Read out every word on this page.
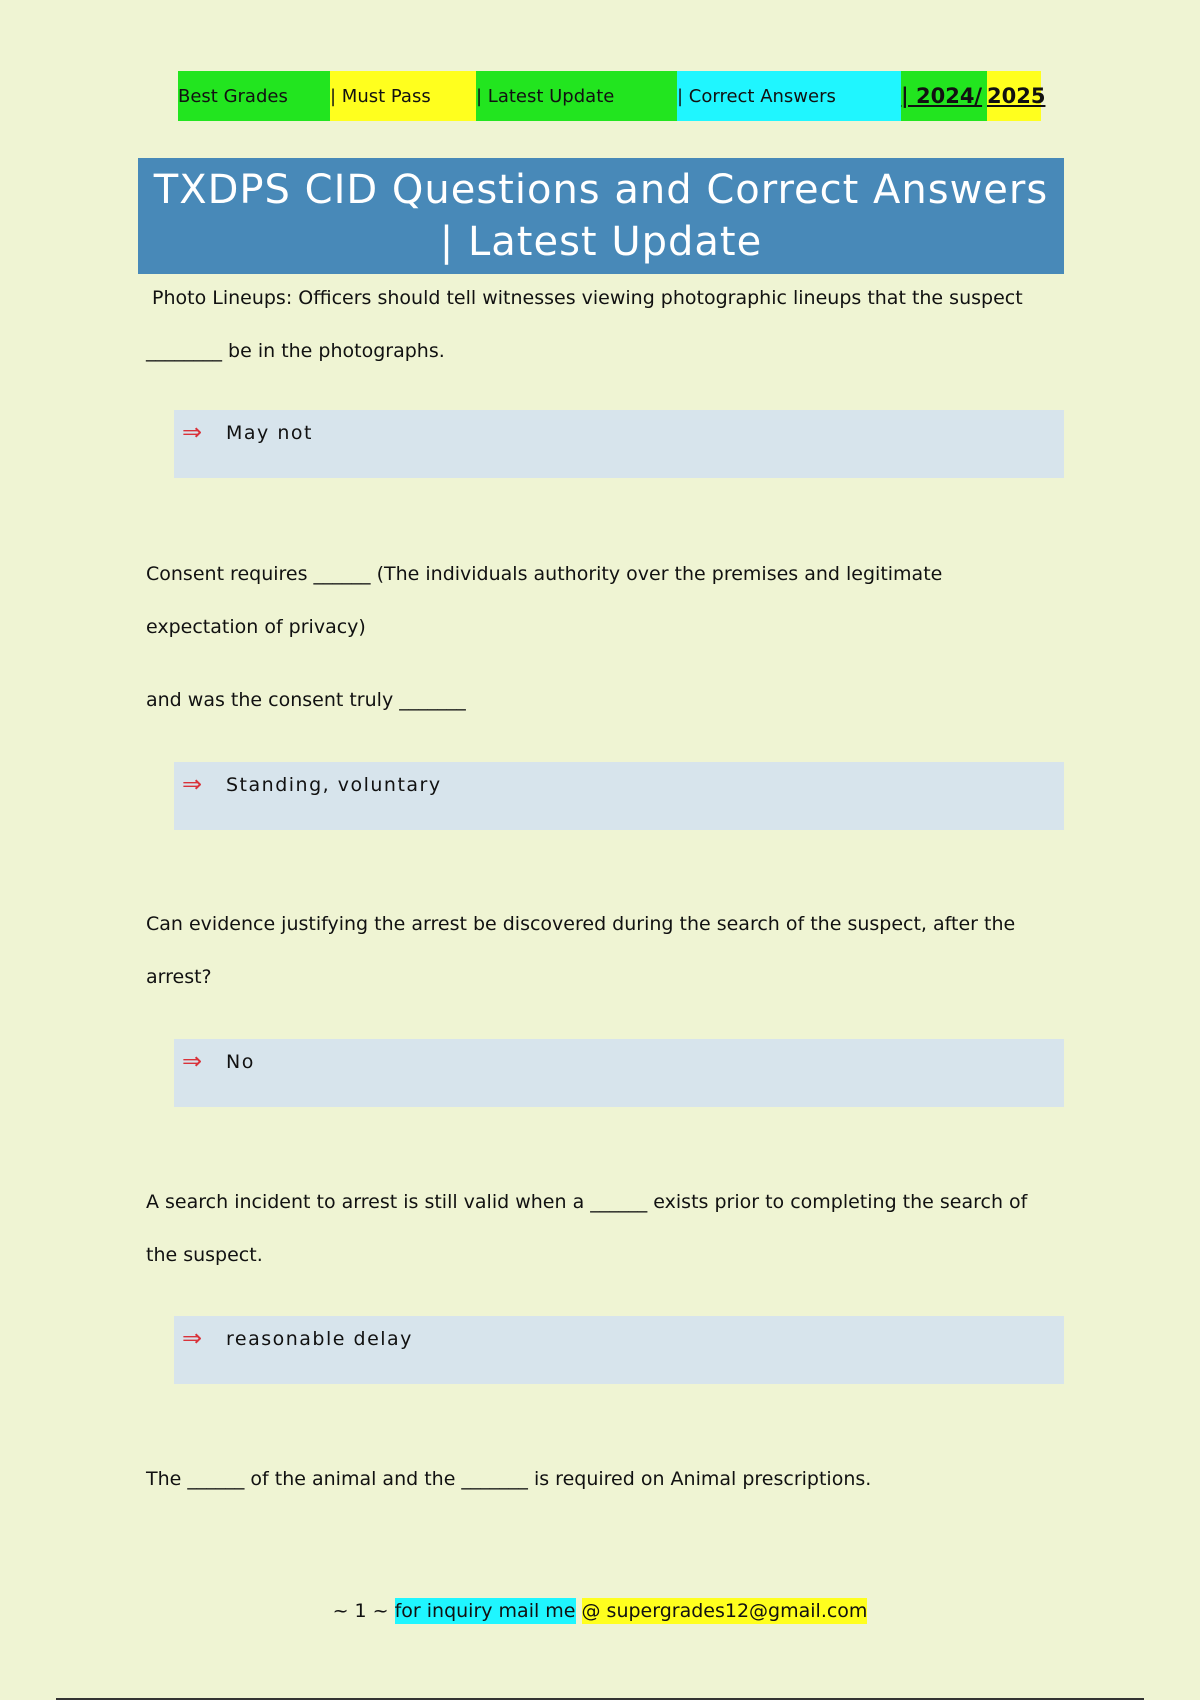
Best Grades | Must Pass	| Latest Update	| Correct Answers	| 2024/ 2025
TXDPS CID Questions and Correct Answers
| Latest Update
Photo Lineups: Officers should tell witnesses viewing photographic lineups that the suspect
________ be in the photographs.
⇒ May not
Consent requires ______ (The individuals authority over the premises and legitimate
expectation of privacy)
and was the consent truly _______
⇒ Standing, voluntary
Can evidence justifying the arrest be discovered during the search of the suspect, after the
arrest?
⇒ No
A search incident to arrest is still valid when a ______ exists prior to completing the search of
the suspect.
⇒ reasonable delay
The ______ of the animal and the _______ is required on Animal prescriptions.
~ 1 ~ for inquiry mail me @ supergrades12@gmail.com
